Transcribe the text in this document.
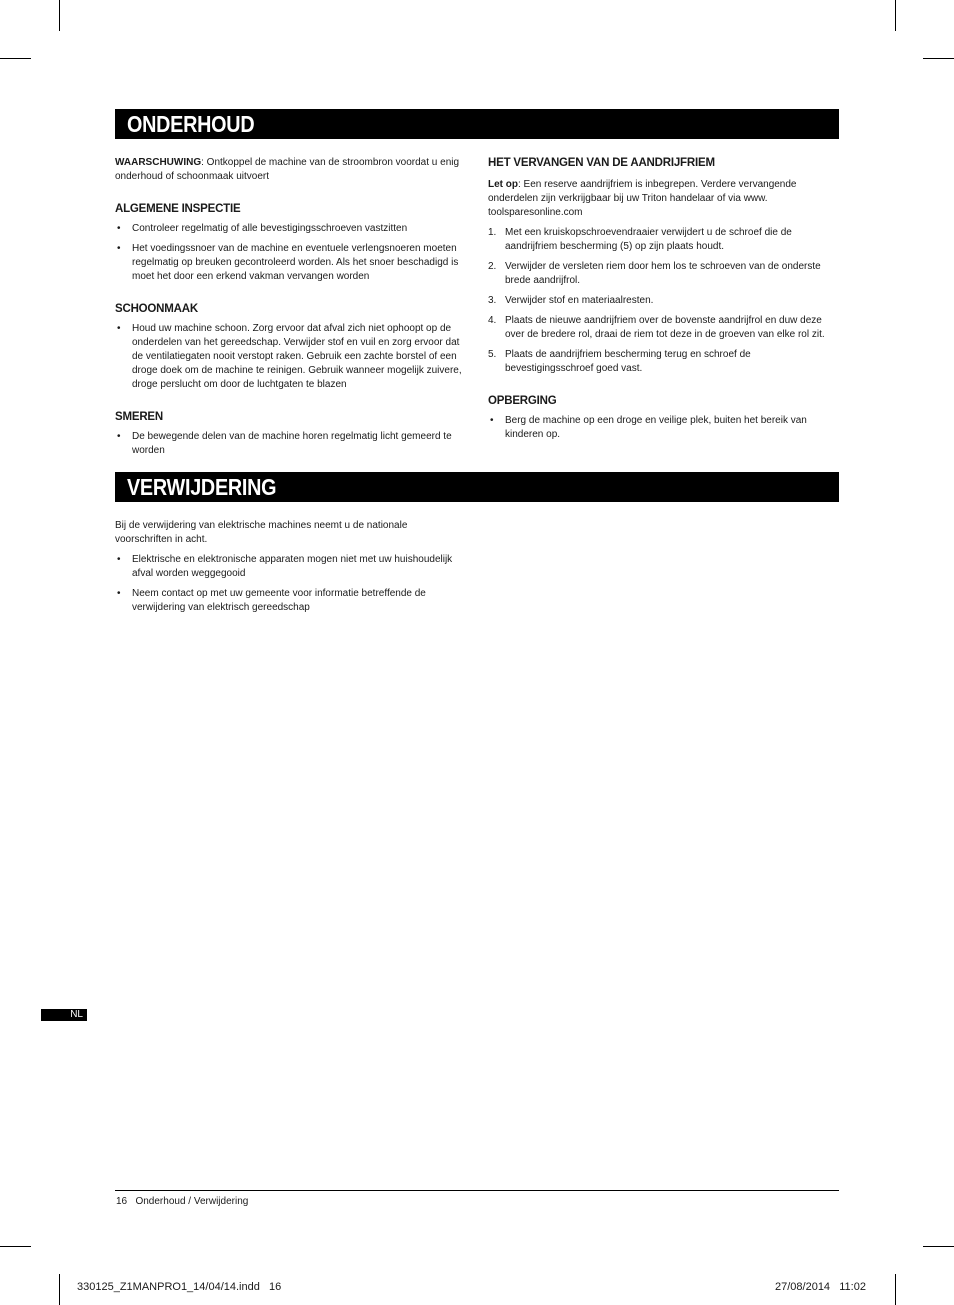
ONDERHOUD

WAARSCHUWING: Ontkoppel de machine van de stroombron voordat u enig onderhoud of schoonmaak uitvoert

ALGEMENE INSPECTIE
• Controleer regelmatig of alle bevestigingsschroeven vastzitten
• Het voedingssnoer van de machine en eventuele verlengsnoeren moeten regelmatig op breuken gecontroleerd worden. Als het snoer beschadigd is moet het door een erkend vakman vervangen worden
SCHOONMAAK
• Houd uw machine schoon. Zorg ervoor dat afval zich niet ophoopt op de onderdelen van het gereedschap. Verwijder stof en vuil en zorg ervoor dat de ventilatiegaten nooit verstopt raken. Gebruik een zachte borstel of een droge doek om de machine te reinigen. Gebruik wanneer mogelijk zuivere, droge perslucht om door de luchtgaten te blazen
SMEREN
• De bewegende delen van de machine horen regelmatig licht gemeerd te worden
HET VERVANGEN VAN DE AANDRIJFRIEM

Let op: Een reserve aandrijfriem is inbegrepen. Verdere vervangende onderdelen zijn verkrijgbaar bij uw Triton handelaar of via www. toolsparesonline.com

1. Met een kruiskopschroevendraaier verwijdert u de schroef die de aandrijfriem bescherming (5) op zijn plaats houdt.
2. Verwijder de versleten riem door hem los te schroeven van de onderste brede aandrijfrol.
3. Verwijder stof en materiaalresten.
4. Plaats de nieuwe aandrijfriem over de bovenste aandrijfrol en duw deze over de bredere rol, draai de riem tot deze in de groeven van elke rol zit.
5. Plaats de aandrijfriem bescherming terug en schroef de bevestigingsschroef goed vast.
OPBERGING
• Berg de machine op een droge en veilige plek, buiten het bereik van kinderen op.
VERWIJDERING

Bij de verwijdering van elektrische machines neemt u de nationale voorschriften in acht.

• Elektrische en elektronische apparaten mogen niet met uw huishoudelijk afval worden weggegooid
• Neem contact op met uw gemeente voor informatie betreffende de verwijdering van elektrisch gereedschap
NL
16 Onderhoud / Verwijdering
330125_Z1MANPRO1_14/04/14.indd   16	27/08/2014   11:02
